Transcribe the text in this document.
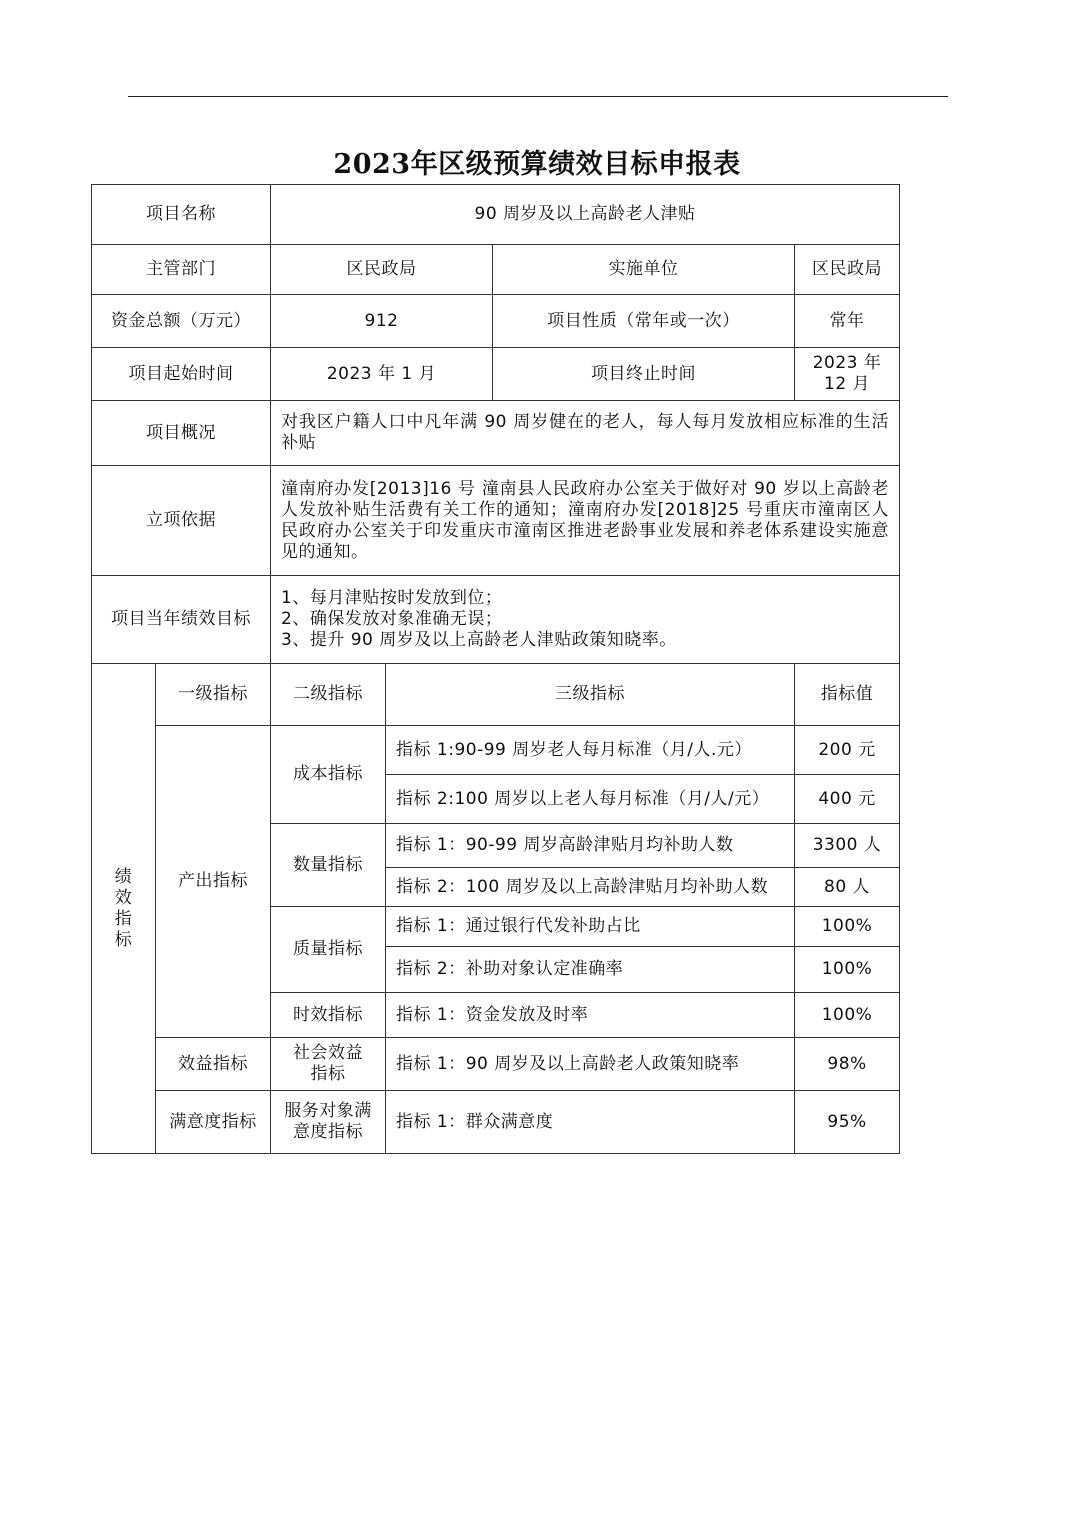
2023年区级预算绩效目标申报表
项目名称		90 周岁及以上高龄老人津贴			
主管部门		区民政局		实施单位	区民政局
资金总额（万元）		912		项目性质（常年或一次）	常年
项目起始时间		2023 年 1 月		项目终止时间	2023 年 12 月
项目概况		对我区户籍人口中凡年满 90 周岁健在的老人，每人每月发放相应标准的生活补贴			
立项依据		潼南府办发[2013]16 号 潼南县人民政府办公室关于做好对 90 岁以上高龄老人发放补贴生活费有关工作的通知；潼南府办发[2018]25 号重庆市潼南区人民政府办公室关于印发重庆市潼南区推进老龄事业发展和养老体系建设实施意见的通知。			
项目当年绩效目标		1、每月津贴按时发放到位；
2、确保发放对象准确无误；
3、提升 90 周岁及以上高龄老人津贴政策知晓率。			

绩效指标	一级指标	二级指标	三级指标		指标值
	产出指标	成本指标	指标 1:90-99 周岁老人每月标准（月/人.元）		200 元
			指标 2:100 周岁以上老人每月标准（月/人/元）		400 元
		数量指标	指标 1：90-99 周岁高龄津贴月均补助人数		3300 人
			指标 2：100 周岁及以上高龄津贴月均补助人数		80 人
		质量指标	指标 1：通过银行代发补助占比		100%
			指标 2：补助对象认定准确率		100%
		时效指标	指标 1：资金发放及时率		100%
	效益指标	社会效益指标	指标 1：90 周岁及以上高龄老人政策知晓率		98%
	满意度指标	服务对象满意度指标	指标 1：群众满意度		95%
